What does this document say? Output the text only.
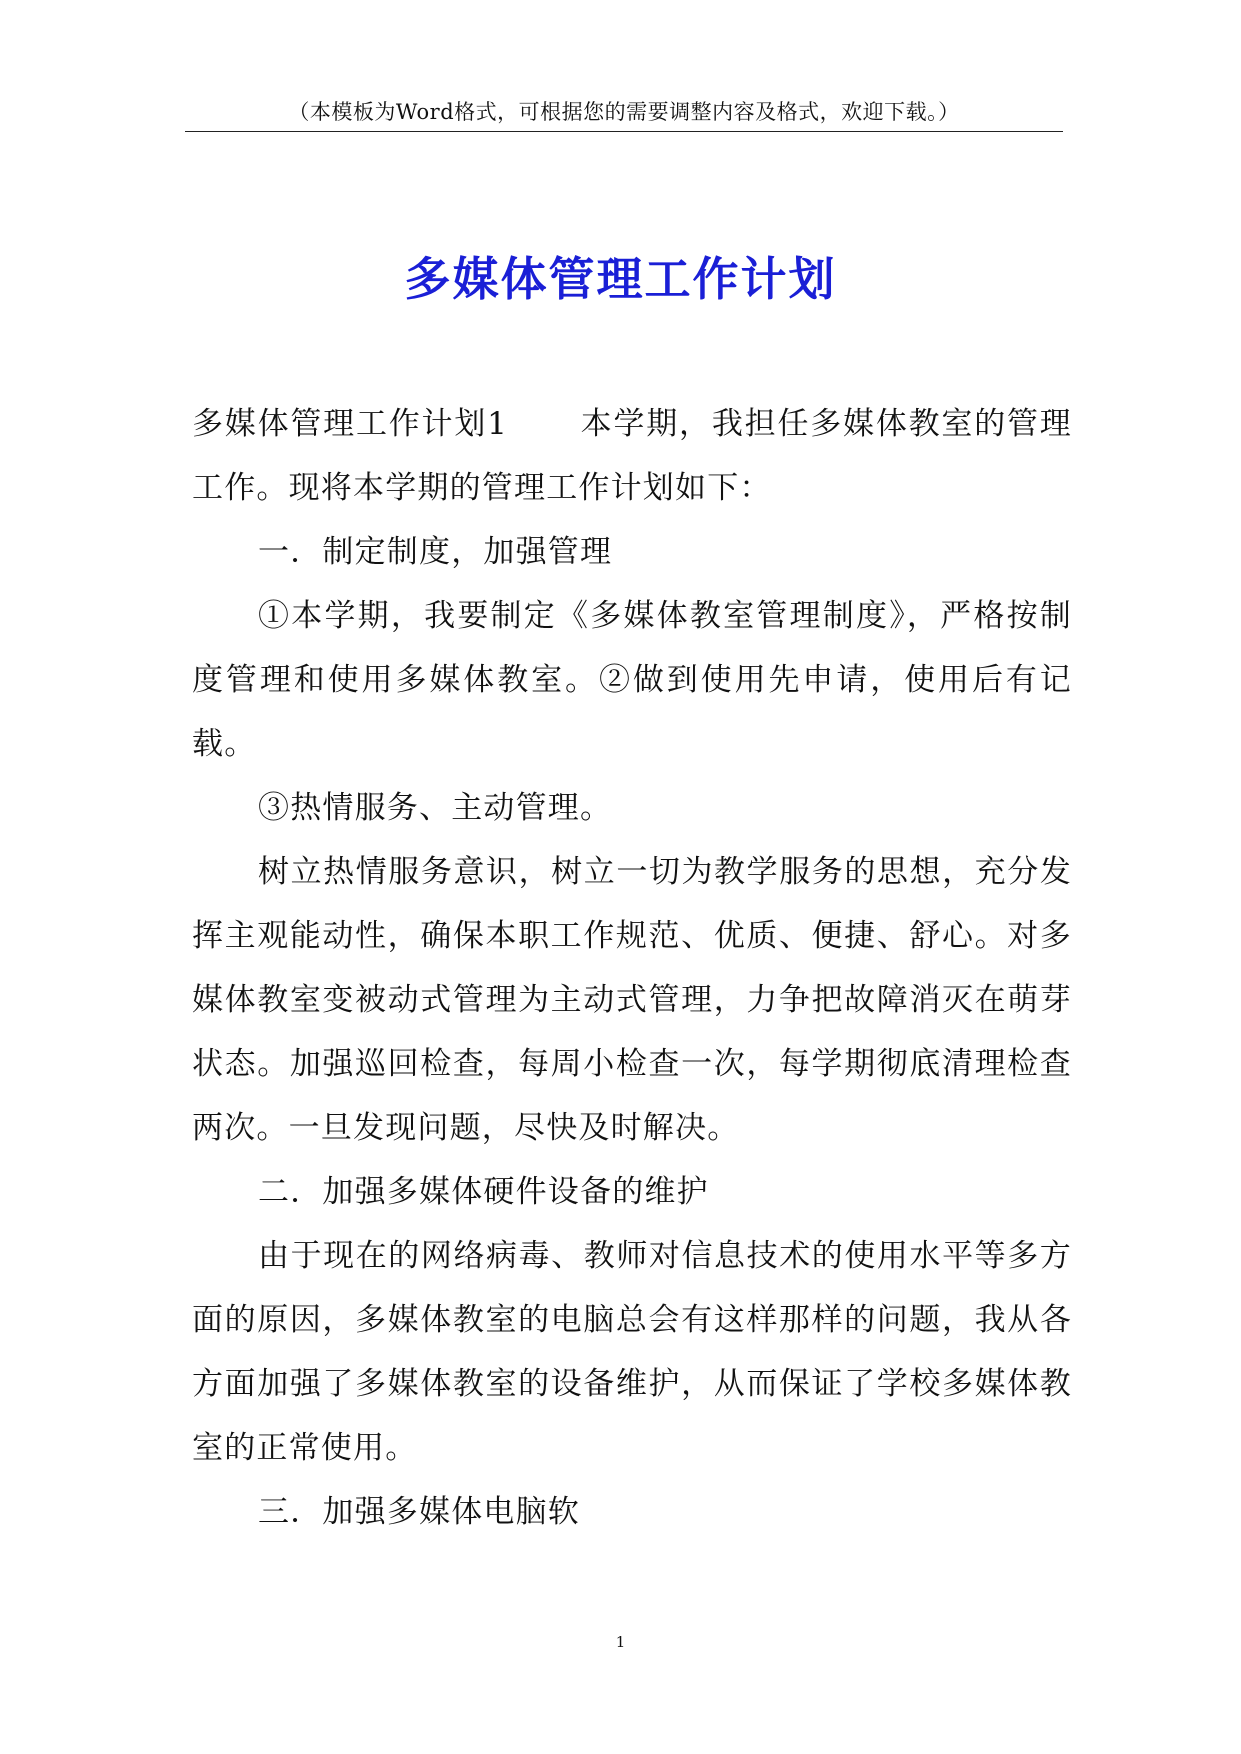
（本模板为Word格式，可根据您的需要调整内容及格式，欢迎下载。）
多媒体管理工作计划

多媒体管理工作计划1 本学期，我担任多媒体教室的管理工作。现将本学期的管理工作计划如下：

一．制定制度，加强管理

①本学期，我要制定《多媒体教室管理制度》，严格按制度管理和使用多媒体教室。②做到使用先申请，使用后有记载。

③热情服务、主动管理。

树立热情服务意识，树立一切为教学服务的思想，充分发挥主观能动性，确保本职工作规范、优质、便捷、舒心。对多媒体教室变被动式管理为主动式管理，力争把故障消灭在萌芽状态。加强巡回检查，每周小检查一次，每学期彻底清理检查两次。一旦发现问题，尽快及时解决。

二．加强多媒体硬件设备的维护

由于现在的网络病毒、教师对信息技术的使用水平等多方面的原因，多媒体教室的电脑总会有这样那样的问题，我从各方面加强了多媒体教室的设备维护，从而保证了学校多媒体教室的正常使用。

三．加强多媒体电脑软

1
